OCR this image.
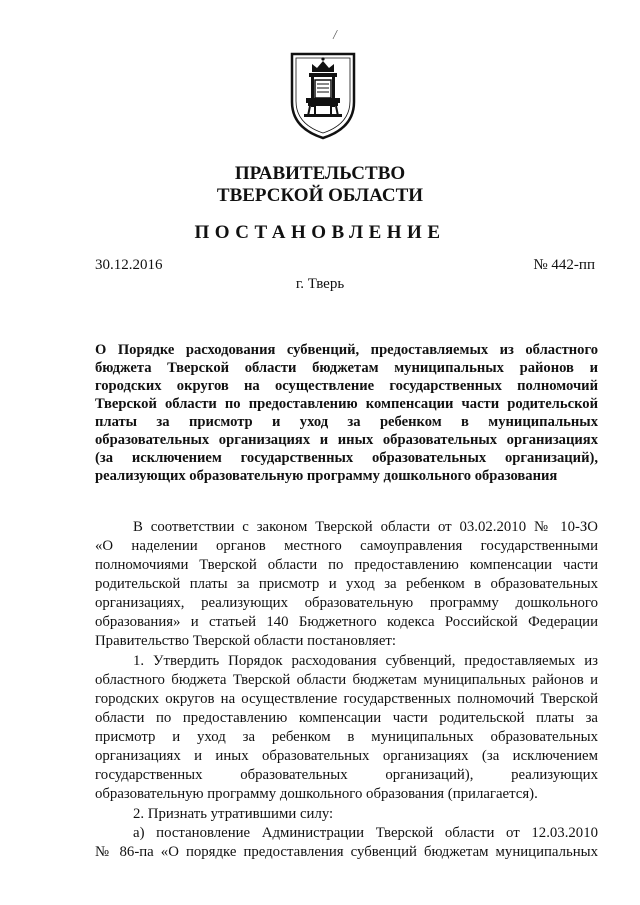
/
ПРАВИТЕЛЬСТВО
ТВЕРСКОЙ ОБЛАСТИ
ПОСТАНОВЛЕНИЕ
30.12.2016	№ 442-пп
г. Тверь
О Порядке расходования субвенций, предоставляемых из областного
бюджета Тверской области бюджетам муниципальных районов и
городских округов на осуществление государственных полномочий
Тверской области по предоставлению компенсации части родительской
платы за присмотр и уход за ребенком в муниципальных
образовательных организациях и иных образовательных организациях
(за исключением государственных образовательных организаций),
реализующих образовательную программу дошкольного образования
В соответствии с законом Тверской области от 03.02.2010 № 10-ЗО
«О наделении органов местного самоуправления государственными
полномочиями Тверской области по предоставлению компенсации части
родительской платы за присмотр и уход за ребенком в образовательных
организациях, реализующих образовательную программу дошкольного
образования» и статьей 140 Бюджетного кодекса Российской Федерации
Правительство Тверской области постановляет:
1. Утвердить Порядок расходования субвенций, предоставляемых из
областного бюджета Тверской области бюджетам муниципальных районов и
городских округов на осуществление государственных полномочий Тверской
области по предоставлению компенсации части родительской платы за
присмотр и уход за ребенком в муниципальных образовательных
организациях и иных образовательных организациях (за исключением
государственных образовательных организаций), реализующих
образовательную программу дошкольного образования (прилагается).
2. Признать утратившими силу:
а) постановление Администрации Тверской области от 12.03.2010
№ 86-па «О порядке предоставления субвенций бюджетам муниципальных
